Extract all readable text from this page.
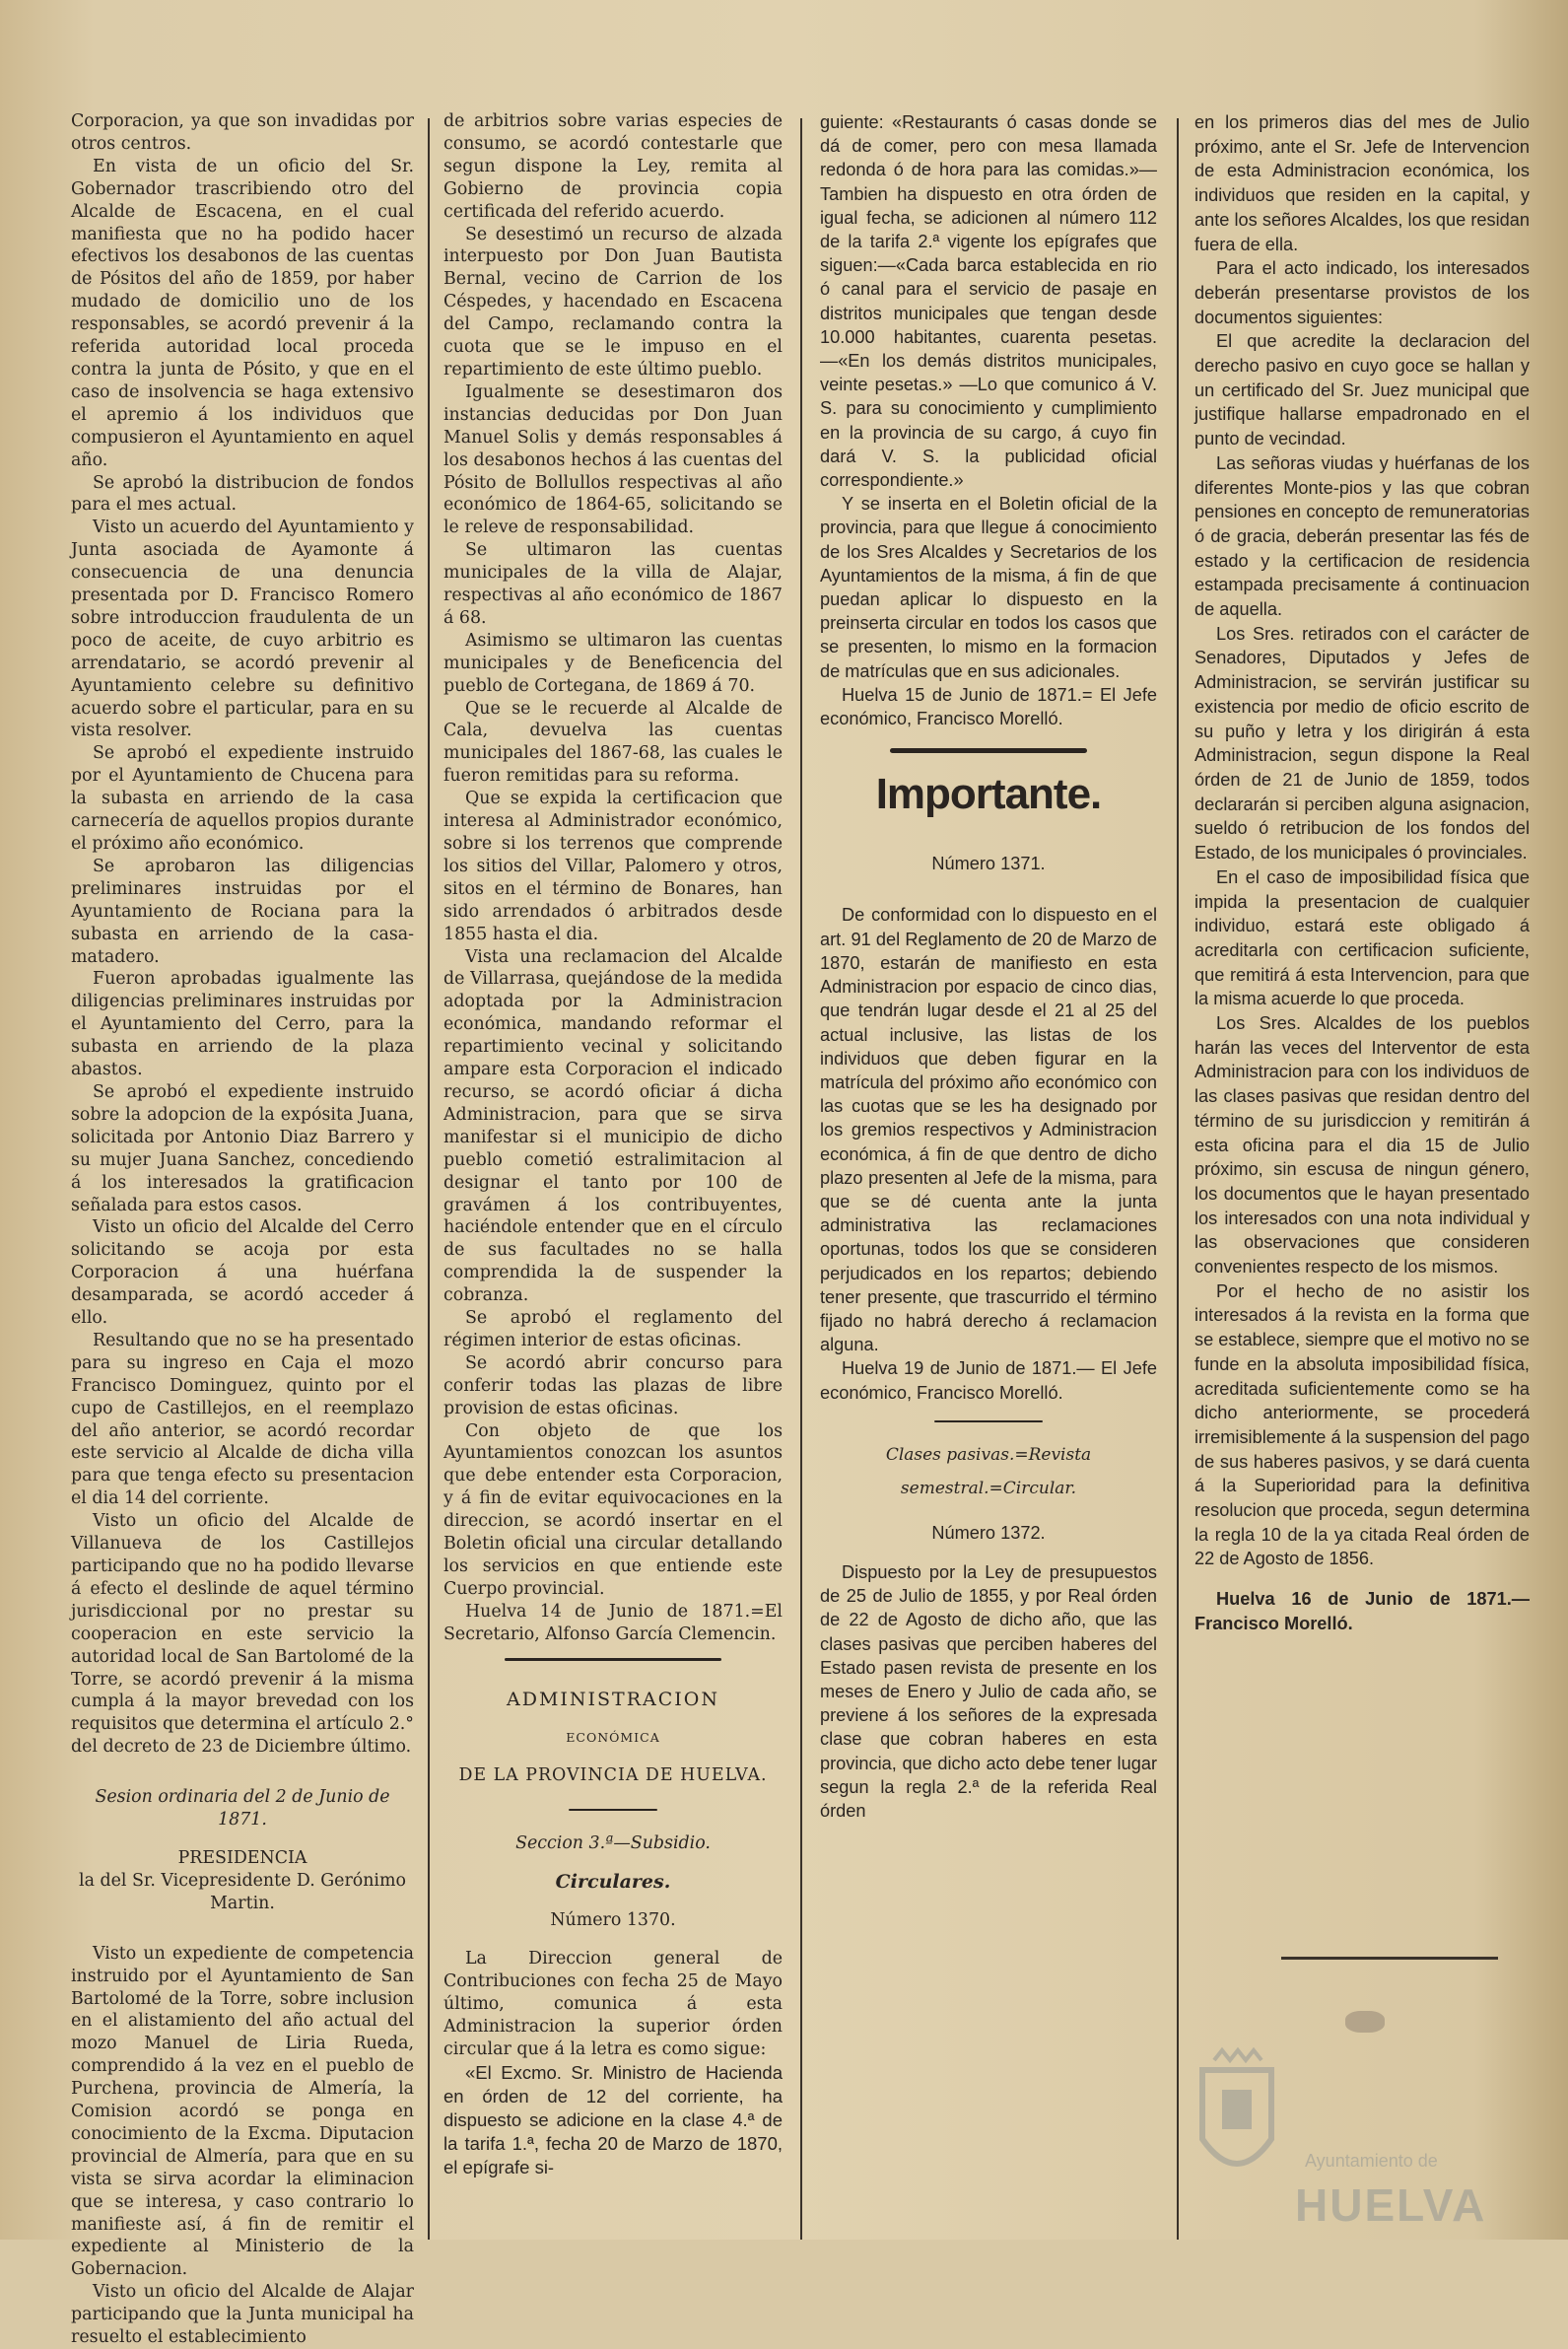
Corporacion, ya que son invadidas por otros centros.

En vista de un oficio del Sr. Gobernador trascribiendo otro del Alcalde de Escacena, en el cual manifiesta que no ha podido hacer efectivos los desabonos de las cuentas de Pósitos del año de 1859, por haber mudado de domicilio uno de los responsables, se acordó prevenir á la referida autoridad local proceda contra la junta de Pósito, y que en el caso de insolvencia se haga extensivo el apremio á los individuos que compusieron el Ayuntamiento en aquel año.

Se aprobó la distribucion de fondos para el mes actual.

Visto un acuerdo del Ayuntamiento y Junta asociada de Ayamonte á consecuencia de una denuncia presentada por D. Francisco Romero sobre introduccion fraudulenta de un poco de aceite, de cuyo arbitrio es arrendatario, se acordó prevenir al Ayuntamiento celebre su definitivo acuerdo sobre el particular, para en su vista resolver.

Se aprobó el expediente instruido por el Ayuntamiento de Chucena para la subasta en arriendo de la casa carnecería de aquellos propios durante el próximo año económico.

Se aprobaron las diligencias preliminares instruidas por el Ayuntamiento de Rociana para la subasta en arriendo de la casa-matadero.

Fueron aprobadas igualmente las diligencias preliminares instruidas por el Ayuntamiento del Cerro, para la subasta en arriendo de la plaza abastos.

Se aprobó el expediente instruido sobre la adopcion de la expósita Juana, solicitada por Antonio Diaz Barrero y su mujer Juana Sanchez, concediendo á los interesados la gratificacion señalada para estos casos.

Visto un oficio del Alcalde del Cerro solicitando se acoja por esta Corporacion á una huérfana desamparada, se acordó acceder á ello.

Resultando que no se ha presentado para su ingreso en Caja el mozo Francisco Dominguez, quinto por el cupo de Castillejos, en el reemplazo del año anterior, se acordó recordar este servicio al Alcalde de dicha villa para que tenga efecto su presentacion el dia 14 del corriente.

Visto un oficio del Alcalde de Villanueva de los Castillejos participando que no ha podido llevarse á efecto el deslinde de aquel término jurisdiccional por no prestar su cooperacion en este servicio la autoridad local de San Bartolomé de la Torre, se acordó prevenir á la misma cumpla á la mayor brevedad con los requisitos que determina el artículo 2.° del decreto de 23 de Diciembre último.

Sesion ordinaria del 2 de Junio de 1871.

PRESIDENCIA

la del Sr. Vicepresidente D. Gerónimo Martin.

Visto un expediente de competencia instruido por el Ayuntamiento de San Bartolomé de la Torre, sobre inclusion en el alistamiento del año actual del mozo Manuel de Liria Rueda, comprendido á la vez en el pueblo de Purchena, provincia de Almería, la Comision acordó se ponga en conocimiento de la Excma. Diputacion provincial de Almería, para que en su vista se sirva acordar la eliminacion que se interesa, y caso contrario lo manifieste así, á fin de remitir el expediente al Ministerio de la Gobernacion.

Visto un oficio del Alcalde de Alajar participando que la Junta municipal ha resuelto el establecimiento

de arbitrios sobre varias especies de consumo, se acordó contestarle que segun dispone la Ley, remita al Gobierno de provincia copia certificada del referido acuerdo.

Se desestimó un recurso de alzada interpuesto por Don Juan Bautista Bernal, vecino de Carrion de los Céspedes, y hacendado en Escacena del Campo, reclamando contra la cuota que se le impuso en el repartimiento de este último pueblo.

Igualmente se desestimaron dos instancias deducidas por Don Juan Manuel Solis y demás responsables á los desabonos hechos á las cuentas del Pósito de Bollullos respectivas al año económico de 1864-65, solicitando se le releve de responsabilidad.

Se ultimaron las cuentas municipales de la villa de Alajar, respectivas al año económico de 1867 á 68.

Asimismo se ultimaron las cuentas municipales y de Beneficencia del pueblo de Cortegana, de 1869 á 70.

Que se le recuerde al Alcalde de Cala, devuelva las cuentas municipales del 1867-68, las cuales le fueron remitidas para su reforma.

Que se expida la certificacion que interesa al Administrador económico, sobre si los terrenos que comprende los sitios del Villar, Palomero y otros, sitos en el término de Bonares, han sido arrendados ó arbitrados desde 1855 hasta el dia.

Vista una reclamacion del Alcalde de Villarrasa, quejándose de la medida adoptada por la Administracion económica, mandando reformar el repartimiento vecinal y solicitando ampare esta Corporacion el indicado recurso, se acordó oficiar á dicha Administracion, para que se sirva manifestar si el municipio de dicho pueblo cometió estralimitacion al designar el tanto por 100 de gravámen á los contribuyentes, haciéndole entender que en el círculo de sus facultades no se halla comprendida la de suspender la cobranza.

Se aprobó el reglamento del régimen interior de estas oficinas.

Se acordó abrir concurso para conferir todas las plazas de libre provision de estas oficinas.

Con objeto de que los Ayuntamientos conozcan los asuntos que debe entender esta Corporacion, y á fin de evitar equivocaciones en la direccion, se acordó insertar en el Boletin oficial una circular detallando los servicios en que entiende este Cuerpo provincial.

Huelva 14 de Junio de 1871.=El Secretario, Alfonso García Clemencin.

ADMINISTRACION

ECONÓMICA

DE LA PROVINCIA DE HUELVA.

Seccion 3.ª—Subsidio.

Circulares.

Número 1370.

La Direccion general de Contribuciones con fecha 25 de Mayo último, comunica á esta Administracion la superior órden circular que á la letra es como sigue:

«El Excmo. Sr. Ministro de Hacienda en órden de 12 del corriente, ha dispuesto se adicione en la clase 4.ª de la tarifa 1.ª, fecha 20 de Marzo de 1870, el epígrafe si-

guiente: «Restaurants ó casas donde se dá de comer, pero con mesa llamada redonda ó de hora para las comidas.»—Tambien ha dispuesto en otra órden de igual fecha, se adicionen al número 112 de la tarifa 2.ª vigente los epígrafes que siguen:—«Cada barca establecida en rio ó canal para el servicio de pasaje en distritos municipales que tengan desde 10.000 habitantes, cuarenta pesetas.—«En los demás distritos municipales, veinte pesetas.» —Lo que comunico á V. S. para su conocimiento y cumplimiento en la provincia de su cargo, á cuyo fin dará V. S. la publicidad oficial correspondiente.»

Y se inserta en el Boletin oficial de la provincia, para que llegue á conocimiento de los Sres Alcaldes y Secretarios de los Ayuntamientos de la misma, á fin de que puedan aplicar lo dispuesto en la preinserta circular en todos los casos que se presenten, lo mismo en la formacion de matrículas que en sus adicionales.

Huelva 15 de Junio de 1871.= El Jefe económico, Francisco Morelló.

Importante.

Número 1371.

De conformidad con lo dispuesto en el art. 91 del Reglamento de 20 de Marzo de 1870, estarán de manifiesto en esta Administracion por espacio de cinco dias, que tendrán lugar desde el 21 al 25 del actual inclusive, las listas de los individuos que deben figurar en la matrícula del próximo año económico con las cuotas que se les ha designado por los gremios respectivos y Administracion económica, á fin de que dentro de dicho plazo presenten al Jefe de la misma, para que se dé cuenta ante la junta administrativa las reclamaciones oportunas, todos los que se consideren perjudicados en los repartos; debiendo tener presente, que trascurrido el término fijado no habrá derecho á reclamacion alguna.

Huelva 19 de Junio de 1871.— El Jefe económico, Francisco Morelló.

Clases pasivas.=Revista semestral.=Circular.

Número 1372.

Dispuesto por la Ley de presupuestos de 25 de Julio de 1855, y por Real órden de 22 de Agosto de dicho año, que las clases pasivas que perciben haberes del Estado pasen revista de presente en los meses de Enero y Julio de cada año, se previene á los señores de la expresada clase que cobran haberes en esta provincia, que dicho acto debe tener lugar segun la regla 2.ª de la referida Real órden

en los primeros dias del mes de Julio próximo, ante el Sr. Jefe de Intervencion de esta Administracion económica, los individuos que residen en la capital, y ante los señores Alcaldes, los que residan fuera de ella.

Para el acto indicado, los interesados deberán presentarse provistos de los documentos siguientes:

El que acredite la declaracion del derecho pasivo en cuyo goce se hallan y un certificado del Sr. Juez municipal que justifique hallarse empadronado en el punto de vecindad.

Las señoras viudas y huérfanas de los diferentes Monte-pios y las que cobran pensiones en concepto de remuneratorias ó de gracia, deberán presentar las fés de estado y la certificacion de residencia estampada precisamente á continuacion de aquella.

Los Sres. retirados con el carácter de Senadores, Diputados y Jefes de Administracion, se servirán justificar su existencia por medio de oficio escrito de su puño y letra y los dirigirán á esta Administracion, segun dispone la Real órden de 21 de Junio de 1859, todos declararán si perciben alguna asignacion, sueldo ó retribucion de los fondos del Estado, de los municipales ó provinciales.

En el caso de imposibilidad física que impida la presentacion de cualquier individuo, estará este obligado á acreditarla con certificacion suficiente, que remitirá á esta Intervencion, para que la misma acuerde lo que proceda.

Los Sres. Alcaldes de los pueblos harán las veces del Interventor de esta Administracion para con los individuos de las clases pasivas que residan dentro del término de su jurisdiccion y remitirán á esta oficina para el dia 15 de Julio próximo, sin escusa de ningun género, los documentos que le hayan presentado los interesados con una nota individual y las observaciones que consideren convenientes respecto de los mismos.

Por el hecho de no asistir los interesados á la revista en la forma que se establece, siempre que el motivo no se funde en la absoluta imposibilidad física, acreditada suficientemente como se ha dicho anteriormente, se procederá irremisiblemente á la suspension del pago de sus haberes pasivos, y se dará cuenta á la Superioridad para la definitiva resolucion que proceda, segun determina la regla 10 de la ya citada Real órden de 22 de Agosto de 1856.

Huelva 16 de Junio de 1871.— Francisco Morelló.

Ayuntamiento de
HUELVA
